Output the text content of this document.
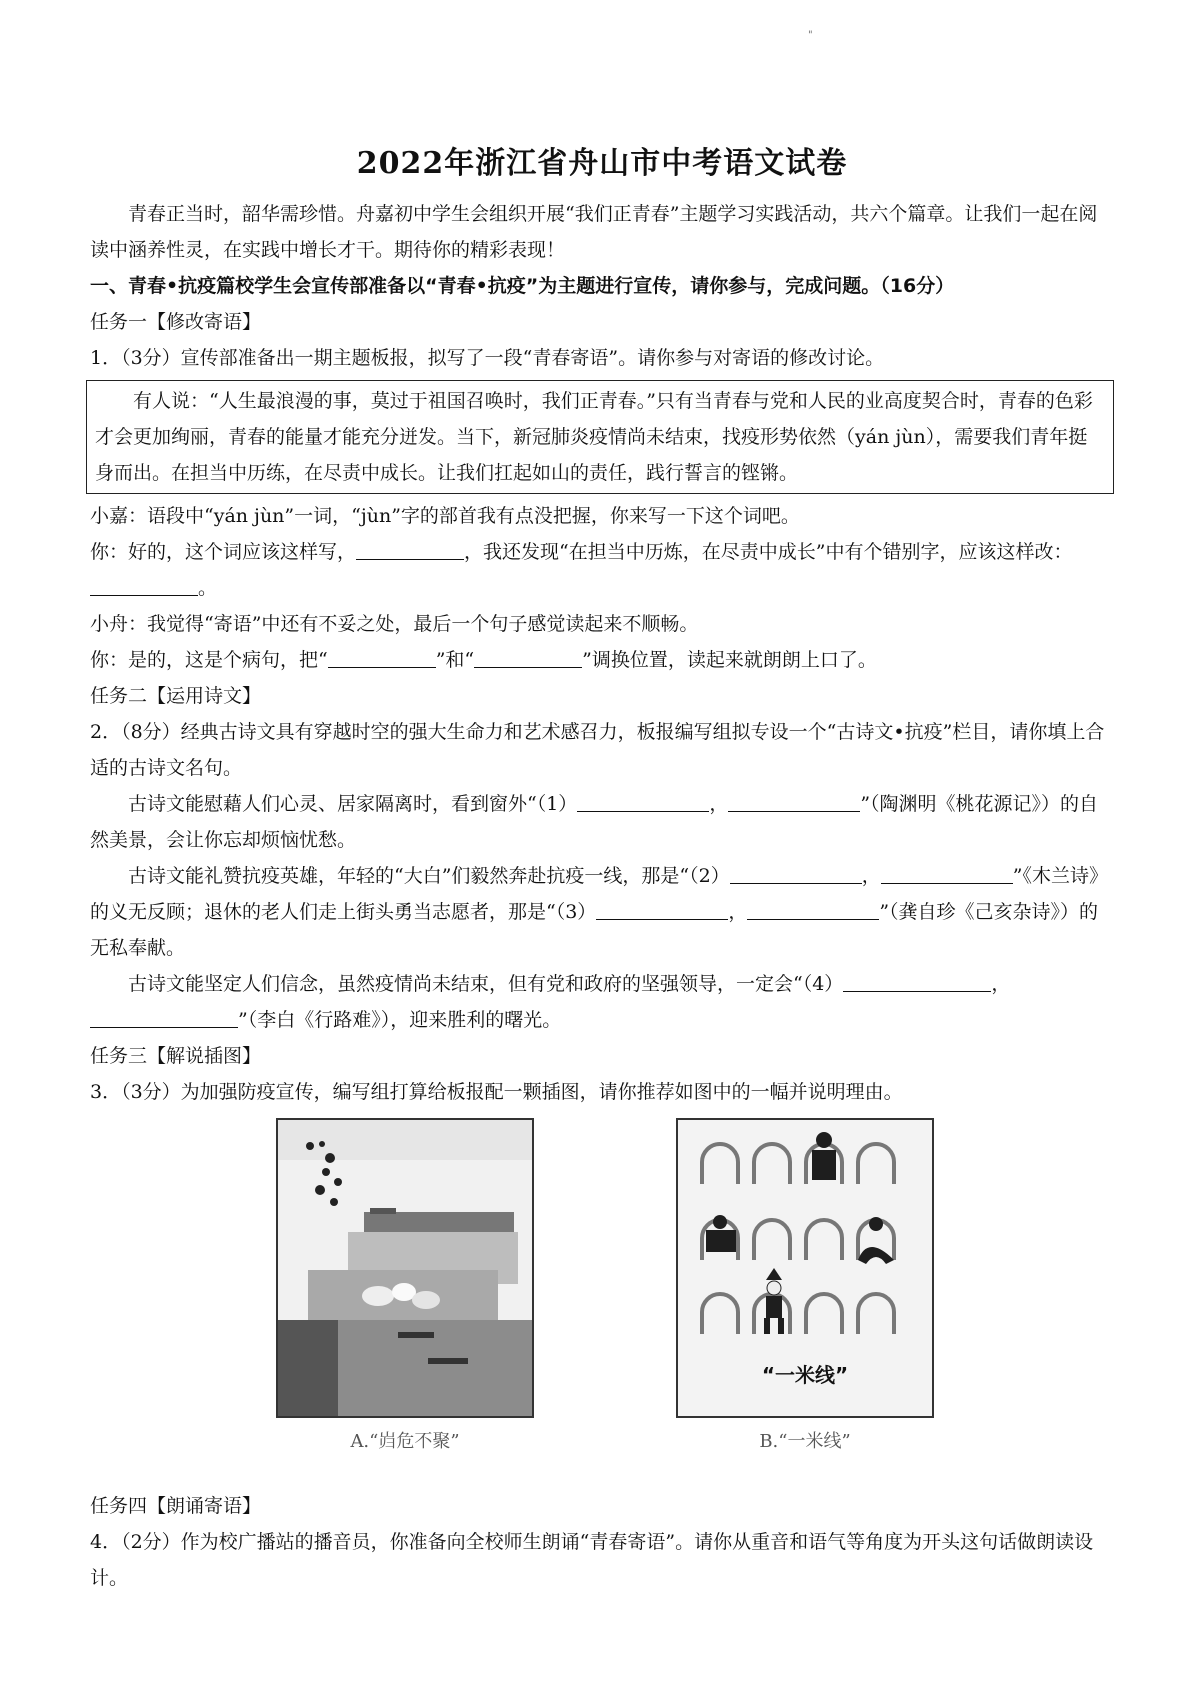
"
2022年浙江省舟山市中考语文试卷

青春正当时，韶华需珍惜。舟嘉初中学生会组织开展“我们正青春”主题学习实践活动，共六个篇章。让我们一起在阅读中涵养性灵，在实践中增长才干。期待你的精彩表现！

一、青春•抗疫篇校学生会宣传部准备以“青春•抗疫”为主题进行宣传，请你参与，完成问题。（16分）

任务一【修改寄语】

1．（3分）宣传部准备出一期主题板报，拟写了一段“青春寄语”。请你参与对寄语的修改讨论。

有人说：“人生最浪漫的事，莫过于祖国召唤时，我们正青春。”只有当青春与党和人民的业高度契合时，青春的色彩才会更加绚丽，青春的能量才能充分迸发。当下，新冠肺炎疫情尚未结束，找疫形势依然（yán jùn），需要我们青年挺身而出。在担当中历练，在尽责中成长。让我们扛起如山的责任，践行誓言的铿锵。

小嘉：语段中“yán jùn”一词，“jùn”字的部首我有点没把握，你来写一下这个词吧。

你：好的，这个词应该这样写，	，我还发现“在担当中历炼，在尽责中成长”中有个错别字，应该这样改：。

小舟：我觉得“寄语”中还有不妥之处，最后一个句子感觉读起来不顺畅。

你：是的，这是个病句，把“	”和“	”调换位置，读起来就朗朗上口了。

任务二【运用诗文】

2．（8分）经典古诗文具有穿越时空的强大生命力和艺术感召力，板报编写组拟专设一个“古诗文•抗疫”栏目，请你填上合适的古诗文名句。

古诗文能慰藉人们心灵、居家隔离时，看到窗外“（1）	，	”（陶渊明《桃花源记》）的自然美景，会让你忘却烦恼忧愁。

古诗文能礼赞抗疫英雄，年轻的“大白”们毅然奔赴抗疫一线，那是“（2）	，	”《木兰诗》的义无反顾；退休的老人们走上街头勇当志愿者，那是“（3）	，	”（龚自珍《己亥杂诗》）的无私奉献。

古诗文能坚定人们信念，虽然疫情尚未结束，但有党和政府的坚强领导，一定会“（4）	，”（李白《行路难》），迎来胜利的曙光。

任务三【解说插图】

3．（3分）为加强防疫宣传，编写组打算给板报配一颗插图，请你推荐如图中的一幅并说明理由。

A.“岿危不聚”
“一米线”
B.“一米线”

任务四【朗诵寄语】

4．（2分）作为校广播站的播音员，你准备向全校师生朗诵“青春寄语”。请你从重音和语气等角度为开头这句话做朗读设计。
